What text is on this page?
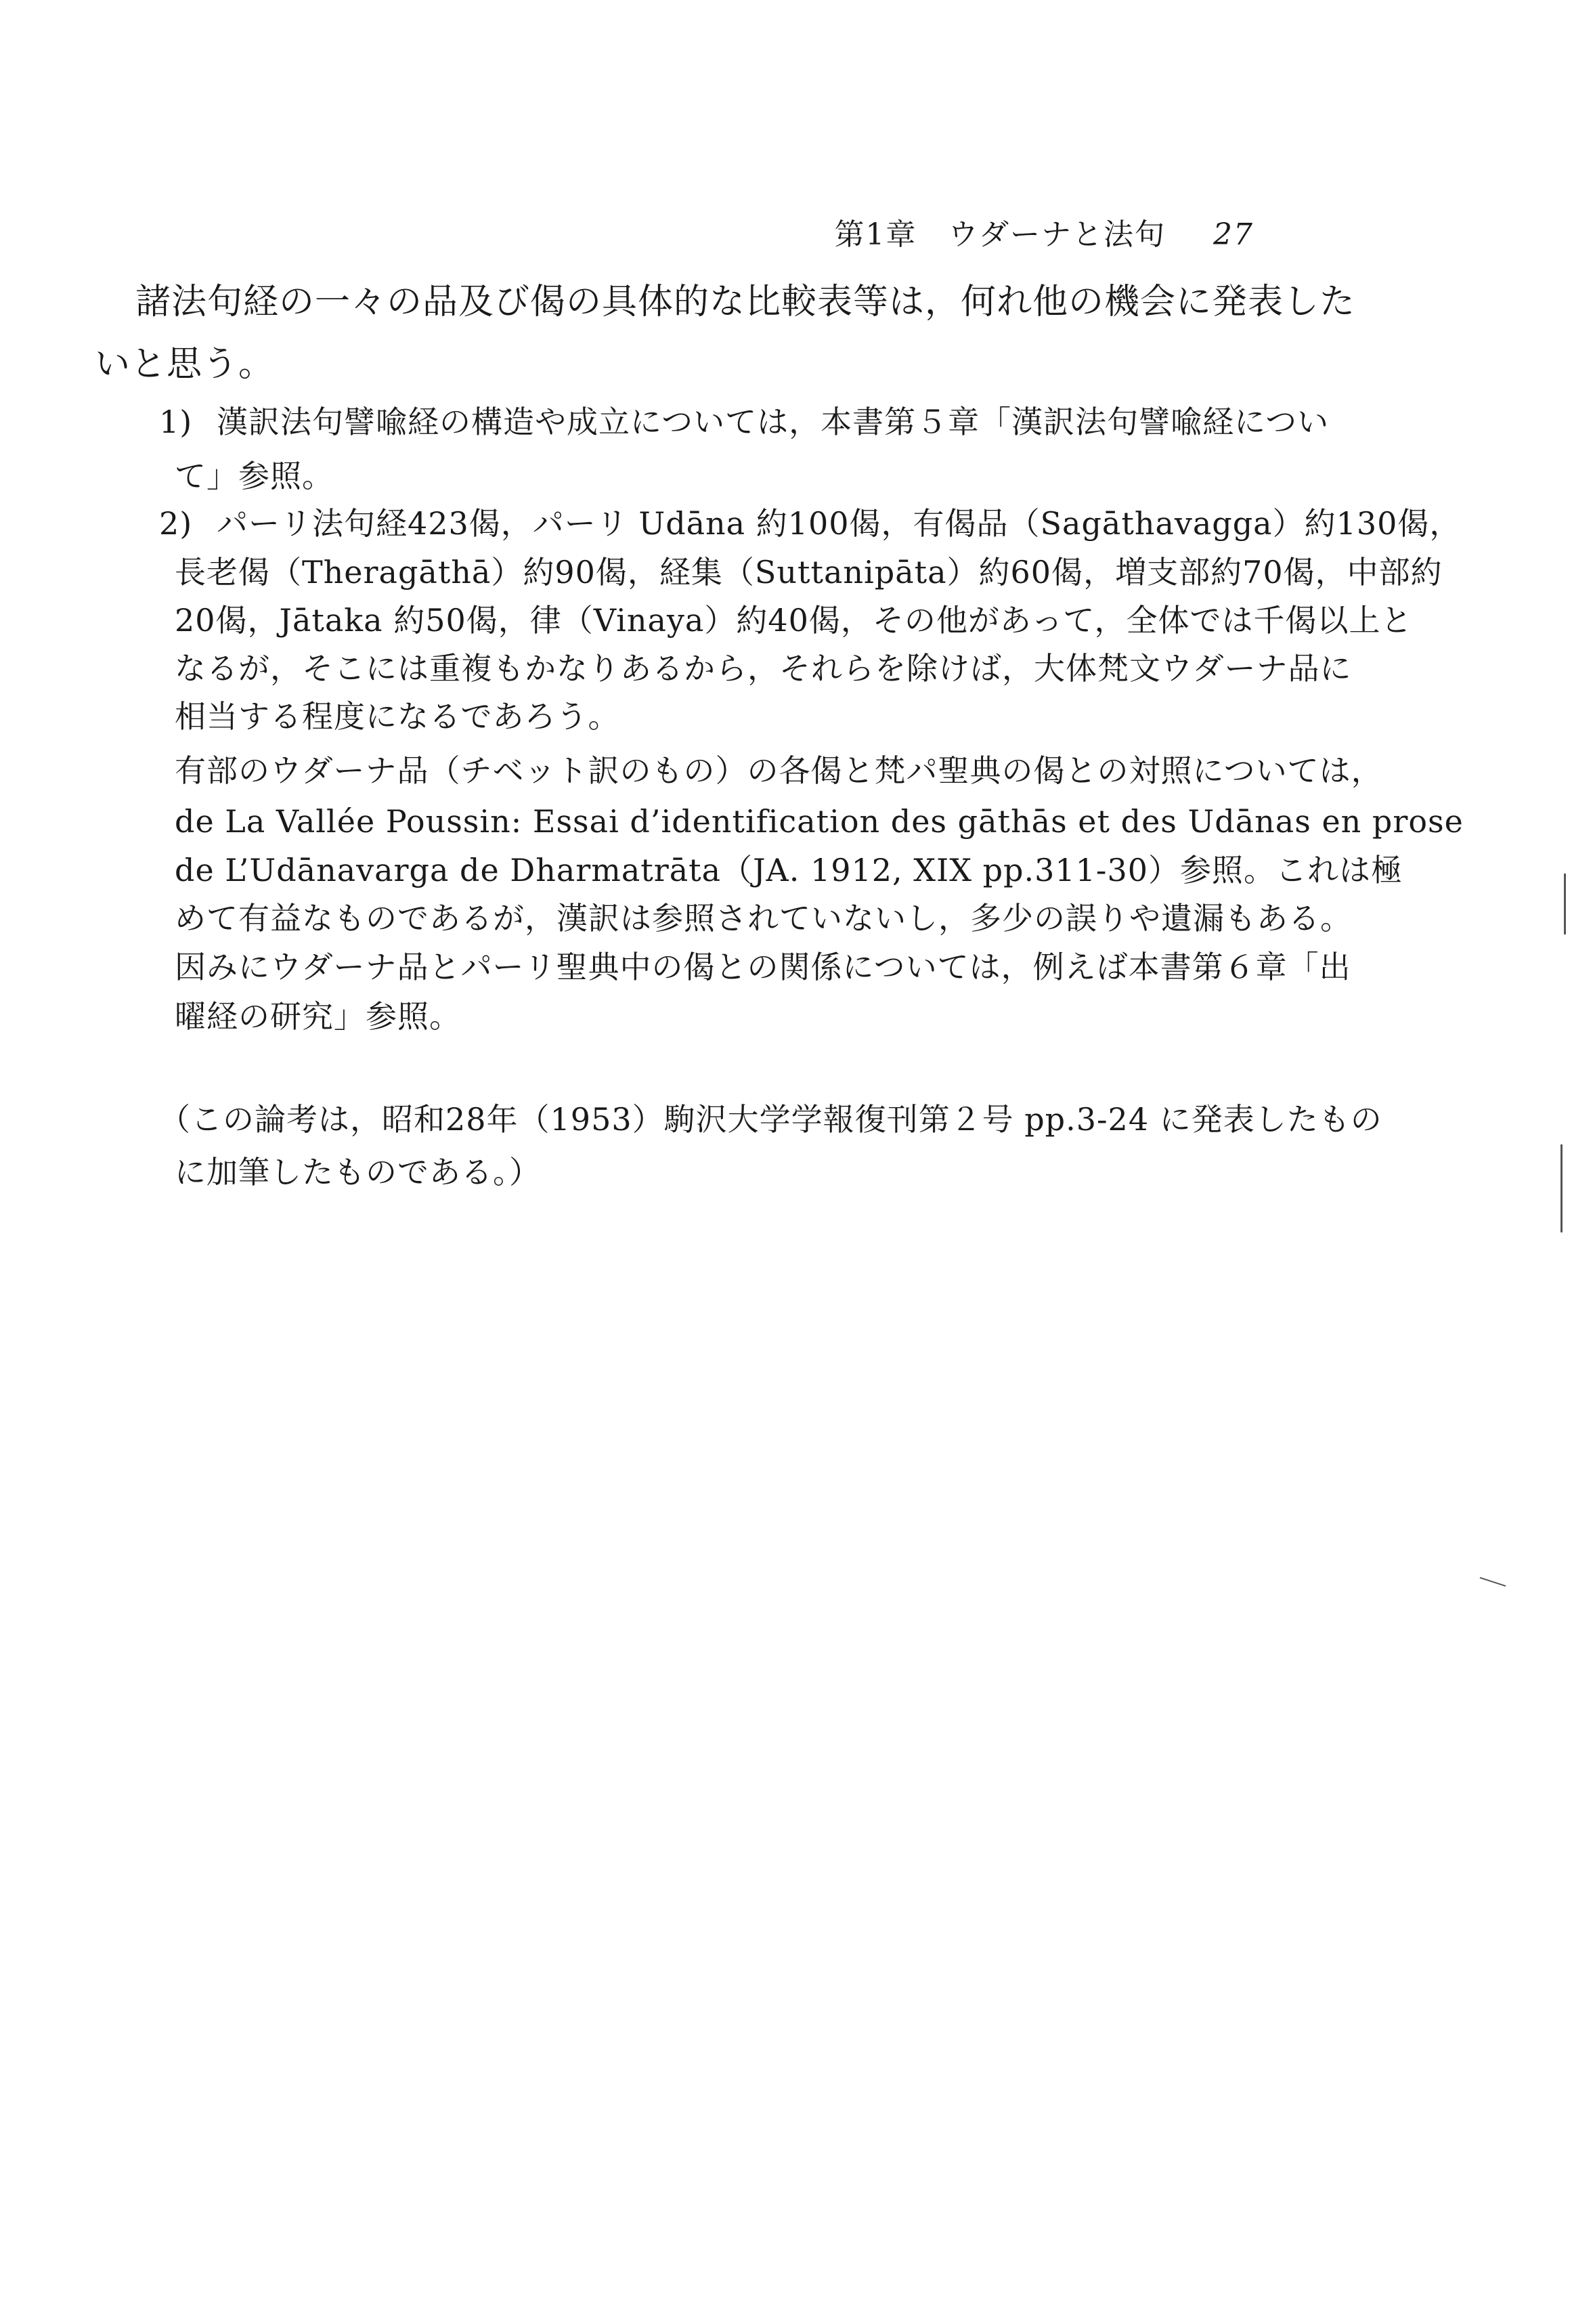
第1章　ウダーナと法句 27
諸法句経の一々の品及び偈の具体的な比較表等は，何れ他の機会に発表した
いと思う。
1) 漢訳法句譬喩経の構造や成立については，本書第５章「漢訳法句譬喩経につい
て」参照。
2) パーリ法句経423偈，パーリ Udāna 約100偈，有偈品（Sagāthavagga）約130偈，
長老偈（Theragāthā）約90偈，経集（Suttanipāta）約60偈，増支部約70偈，中部約
20偈，Jātaka 約50偈，律（Vinaya）約40偈，その他があって，全体では千偈以上と
なるが，そこには重複もかなりあるから，それらを除けば，大体梵文ウダーナ品に
相当する程度になるであろう。
有部のウダーナ品（チベット訳のもの）の各偈と梵パ聖典の偈との対照については，
de La Vallée Poussin: Essai d’identification des gāthās et des Udānas en prose
de L’Udānavarga de Dharmatrāta（JA. 1912, XIX pp.311-30）参照。これは極
めて有益なものであるが，漢訳は参照されていないし，多少の誤りや遺漏もある。
因みにウダーナ品とパーリ聖典中の偈との関係については，例えば本書第６章「出
曜経の研究」参照。
（この論考は，昭和28年（1953）駒沢大学学報復刊第２号 pp.3-24 に発表したもの
に加筆したものである。）
